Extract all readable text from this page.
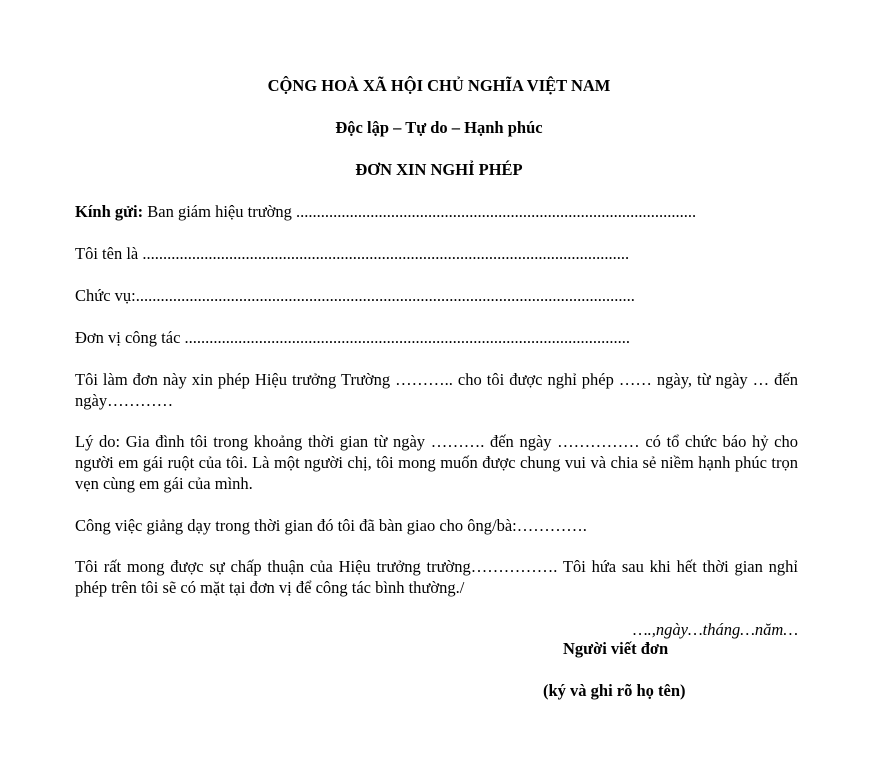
CỘNG HOÀ XÃ HỘI CHỦ NGHĨA VIỆT NAM
Độc lập – Tự do – Hạnh phúc
ĐƠN XIN NGHỈ PHÉP
Kính gửi: Ban giám hiệu trường .................................................................................................
Tôi tên là ......................................................................................................................
Chức vụ:.........................................................................................................................
Đơn vị công tác ............................................................................................................
Tôi làm đơn này xin phép Hiệu trưởng Trường ……….. cho tôi được nghỉ phép …… ngày, từ ngày … đến ngày…………
Lý do: Gia đình tôi trong khoảng thời gian từ ngày ………. đến ngày …………… có tổ chức báo hỷ cho người em gái ruột của tôi. Là một người chị, tôi mong muốn được chung vui và chia sẻ niềm hạnh phúc trọn vẹn cùng em gái của mình.
Công việc giảng dạy trong thời gian đó tôi đã bàn giao cho ông/bà:………….
Tôi rất mong được sự chấp thuận của Hiệu trưởng trường……………. Tôi hứa sau khi hết thời gian nghỉ phép trên tôi sẽ có mặt tại đơn vị để công tác bình thường./
….,ngày…tháng…năm…
Người viết đơn
(ký và ghi rõ họ tên)
